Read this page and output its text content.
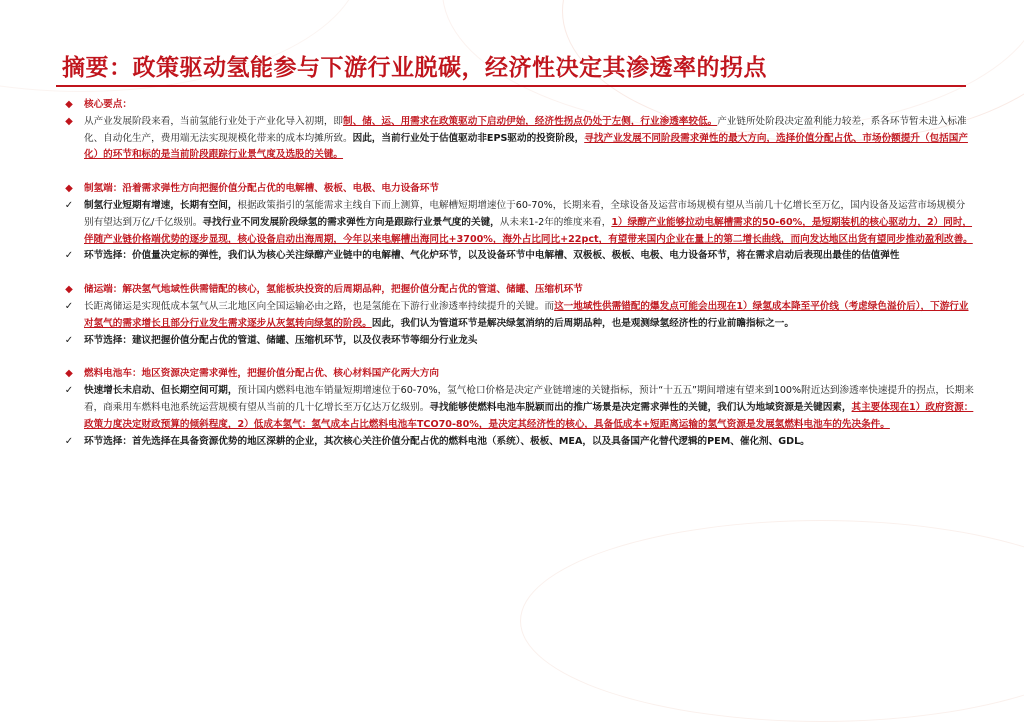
摘要：政策驱动氢能参与下游行业脱碳，经济性决定其渗透率的拐点
◆	核心要点：
◆	从产业发展阶段来看，当前氢能行业处于产业化导入初期，即制、储、运、用需求在政策驱动下启动伊始，经济性拐点仍处于左侧，行业渗透率较低。产业链所处阶段决定盈利能力较差，系各环节暂未进入标准化、自动化生产，费用端无法实现规模化带来的成本均摊所致。因此，当前行业处于估值驱动非EPS驱动的投资阶段，寻找产业发展不同阶段需求弹性的最大方向，选择价值分配占优、市场份额提升（包括国产化）的环节和标的是当前阶段跟踪行业景气度及选股的关键。
◆	制氢端：沿着需求弹性方向把握价值分配占优的电解槽、极板、电极、电力设备环节
✓ 制氢行业短期有增速，长期有空间，根据政策指引的氢能需求主线自下而上测算，电解槽短期增速位于60-70%，长期来看，全球设备及运营市场规模有望从当前几十亿增长至万亿，国内设备及运营市场规模分别有望达到万亿/千亿级别。寻找行业不同发展阶段绿氢的需求弹性方向是跟踪行业景气度的关键，从未来1-2年的维度来看，1）绿醇产业能够拉动电解槽需求的50-60%，是短期装机的核心驱动力，2）同时，伴随产业链价格端优势的逐步显现，核心设备启动出海周期，今年以来电解槽出海同比+3700%，海外占比同比+22pct，有望带来国内企业在量上的第二增长曲线，而向发达地区出货有望同步推动盈利改善。
✓ 环节选择：价值量决定标的弹性，我们认为核心关注绿醇产业链中的电解槽、气化炉环节，以及设备环节中电解槽、双极板、极板、电极、电力设备环节，将在需求启动后表现出最佳的估值弹性
◆	储运端：解决氢气地域性供需错配的核心，氢能板块投资的后周期品种，把握价值分配占优的管道、储罐、压缩机环节
✓ 长距离储运是实现低成本氢气从三北地区向全国运输必由之路，也是氢能在下游行业渗透率持续提升的关键。而这一地域性供需错配的爆发点可能会出现在1）绿氢成本降至平价线（考虑绿色溢价后），下游行业对氢气的需求增长且部分行业发生需求逐步从灰氢转向绿氢的阶段。因此，我们认为管道环节是解决绿氢消纳的后周期品种，也是观测绿氢经济性的行业前瞻指标之一。
✓ 环节选择：建议把握价值分配占优的管道、储罐、压缩机环节，以及仪表环节等细分行业龙头
◆	燃料电池车：地区资源决定需求弹性，把握价值分配占优、核心材料国产化两大方向
✓ 快速增长未启动、但长期空间可期，预计国内燃料电池车销量短期增速位于60-70%，氢气枪口价格是决定产业链增速的关键指标，预计“十五五”期间增速有望来到100%附近达到渗透率快速提升的拐点，长期来看，商乘用车燃料电池系统运营规模有望从当前的几十亿增长至万亿达万亿级别。寻找能够使燃料电池车脱颖而出的推广场景是决定需求弹性的关键，我们认为地域资源是关键因素，其主要体现在1）政府资源：政策力度决定财政预算的倾斜程度，2）低成本氢气：氢气成本占比燃料电池车TCO70-80%，是决定其经济性的核心，具备低成本+短距离运输的氢气资源是发展氢燃料电池车的先决条件。
✓ 环节选择：首先选择在具备资源优势的地区深耕的企业，其次核心关注价值分配占优的燃料电池（系统）、极板、MEA，以及具备国产化替代逻辑的PEM、催化剂、GDL。
